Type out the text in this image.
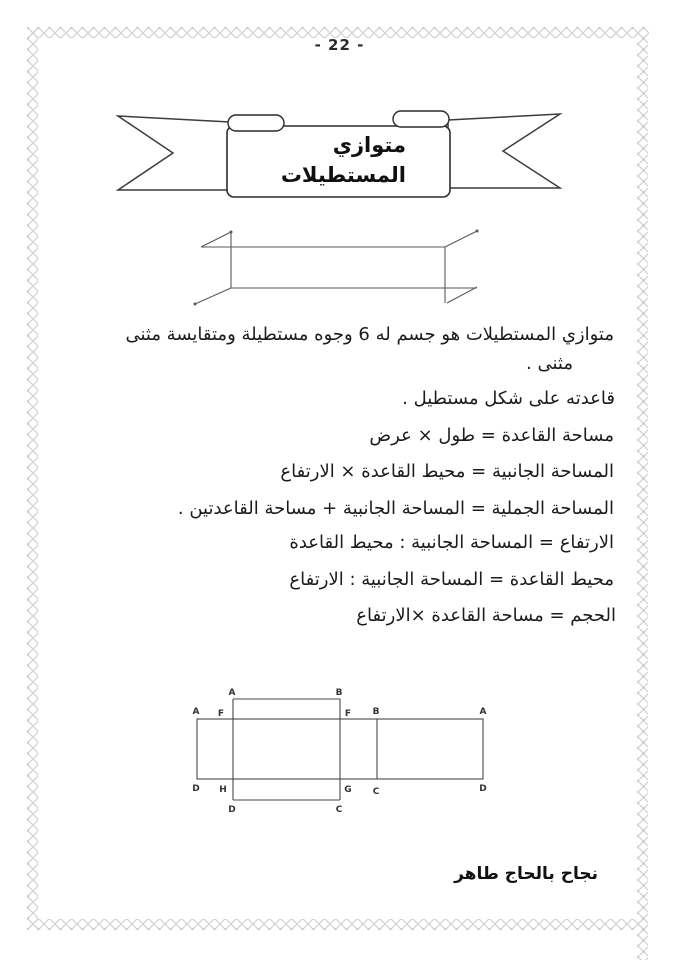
A	B
A F	F B	A
D H	G C	D
D	C
- 22 -
متوازي
المستطيلات
متوازي المستطيلات هو جسم له 6 وجوه مستطيلة ومتقايسة مثنى
مثنى .
قاعدته على شكل مستطيل .
مساحة القاعدة = طول × عرض
المساحة الجانبية = محيط القاعدة × الارتفاع
المساحة الجملية = المساحة الجانبية + مساحة القاعدتين .
الارتفاع = المساحة الجانبية : محيط القاعدة
محيط القاعدة = المساحة الجانبية : الارتفاع
الحجم = مساحة القاعدة ×الارتفاع
نجاح بالحاج طاهر
